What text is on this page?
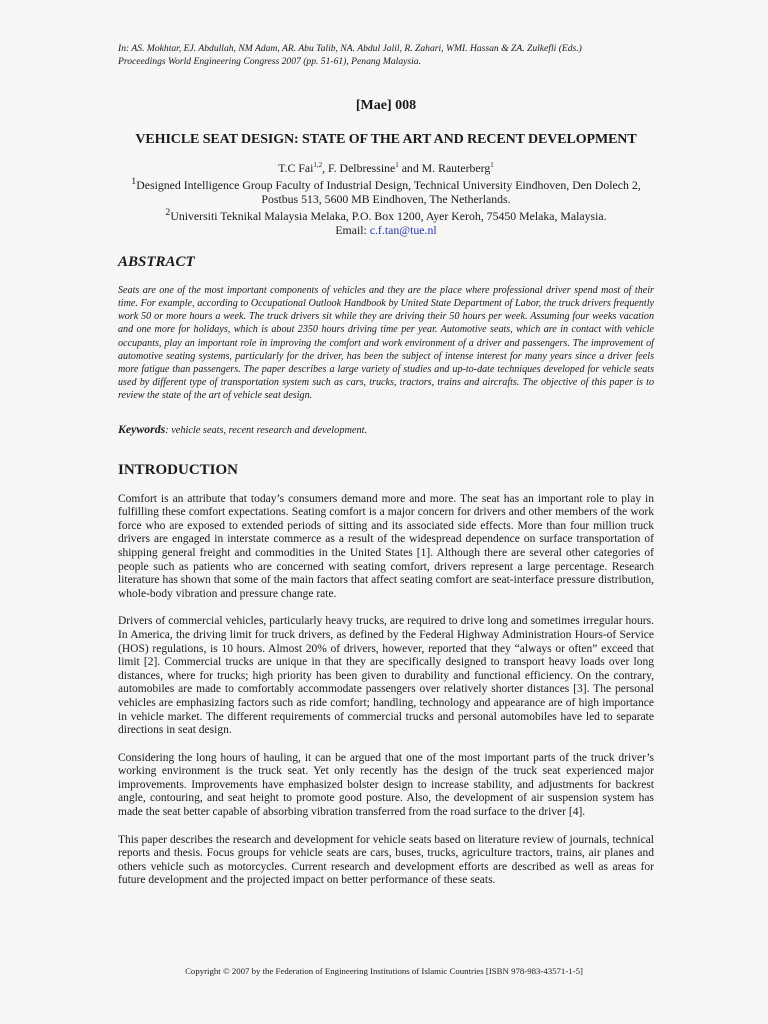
In: AS. Mokhtar, EJ. Abdullah, NM Adam, AR. Abu Talib, NA. Abdul Jalil, R. Zahari, WMI. Hassan & ZA. Zulkefli (Eds.)

Proceedings World Engineering Congress 2007 (pp. 51-61), Penang Malaysia.

[Mae] 008

VEHICLE SEAT DESIGN: STATE OF THE ART AND RECENT DEVELOPMENT

T.C Fai$^{1,2}$, F. Delbressine$^1$ and M. Rauterberg$^1$

$^1$Designed Intelligence Group Faculty of Industrial Design, Technical University Eindhoven, Den Dolech 2,

Postbus 513, 5600 MB Eindhoven, The Netherlands.

$^2$Universiti Teknikal Malaysia Melaka, P.O. Box 1200, Ayer Keroh, 75450 Melaka, Malaysia.

Email: c.f.tan@tue.nl

ABSTRACT

Seats are one of the most important components of vehicles and they are the place where professional driver spend most of their time. For example, according to Occupational Outlook Handbook by United State Department of Labor, the truck drivers frequently work 50 or more hours a week. The truck drivers sit while they are driving their 50 hours per week. Assuming four weeks vacation and one more for holidays, which is about 2350 hours driving time per year. Automotive seats, which are in contact with vehicle occupants, play an important role in improving the comfort and work environment of a driver and passengers. The improvement of automotive seating systems, particularly for the driver, has been the subject of intense interest for many years since a driver feels more fatigue than passengers. The paper describes a large variety of studies and up-to-date techniques developed for vehicle seats used by different type of transportation system such as cars, trucks, tractors, trains and aircrafts. The objective of this paper is to review the state of the art of vehicle seat design.

Keywords: vehicle seats, recent research and development.

INTRODUCTION

Comfort is an attribute that today’s consumers demand more and more. The seat has an important role to play in fulfilling these comfort expectations. Seating comfort is a major concern for drivers and other members of the work force who are exposed to extended periods of sitting and its associated side effects. More than four million truck drivers are engaged in interstate commerce as a result of the widespread dependence on surface transportation of shipping general freight and commodities in the United States [1]. Although there are several other categories of people such as patients who are concerned with seating comfort, drivers represent a large percentage. Research literature has shown that some of the main factors that affect seating comfort are seat-interface pressure distribution, whole-body vibration and pressure change rate.

Drivers of commercial vehicles, particularly heavy trucks, are required to drive long and sometimes irregular hours. In America, the driving limit for truck drivers, as defined by the Federal Highway Administration Hours-of Service (HOS) regulations, is 10 hours. Almost 20% of drivers, however, reported that they “always or often” exceed that limit [2]. Commercial trucks are unique in that they are specifically designed to transport heavy loads over long distances, where for trucks; high priority has been given to durability and functional efficiency. On the contrary, automobiles are made to comfortably accommodate passengers over relatively shorter distances [3]. The personal vehicles are emphasizing factors such as ride comfort; handling, technology and appearance are of high importance in vehicle market. The different requirements of commercial trucks and personal automobiles have led to separate directions in seat design.

Considering the long hours of hauling, it can be argued that one of the most important parts of the truck driver’s working environment is the truck seat. Yet only recently has the design of the truck seat experienced major improvements. Improvements have emphasized bolster design to increase stability, and adjustments for backrest angle, contouring, and seat height to promote good posture. Also, the development of air suspension system has made the seat better capable of absorbing vibration transferred from the road surface to the driver [4].

This paper describes the research and development for vehicle seats based on literature review of journals, technical reports and thesis. Focus groups for vehicle seats are cars, buses, trucks, agriculture tractors, trains, air planes and others vehicle such as motorcycles. Current research and development efforts are described as well as areas for future development and the projected impact on better performance of these seats.

Copyright © 2007 by the Federation of Engineering Institutions of Islamic Countries [ISBN 978-983-43571-1-5]
